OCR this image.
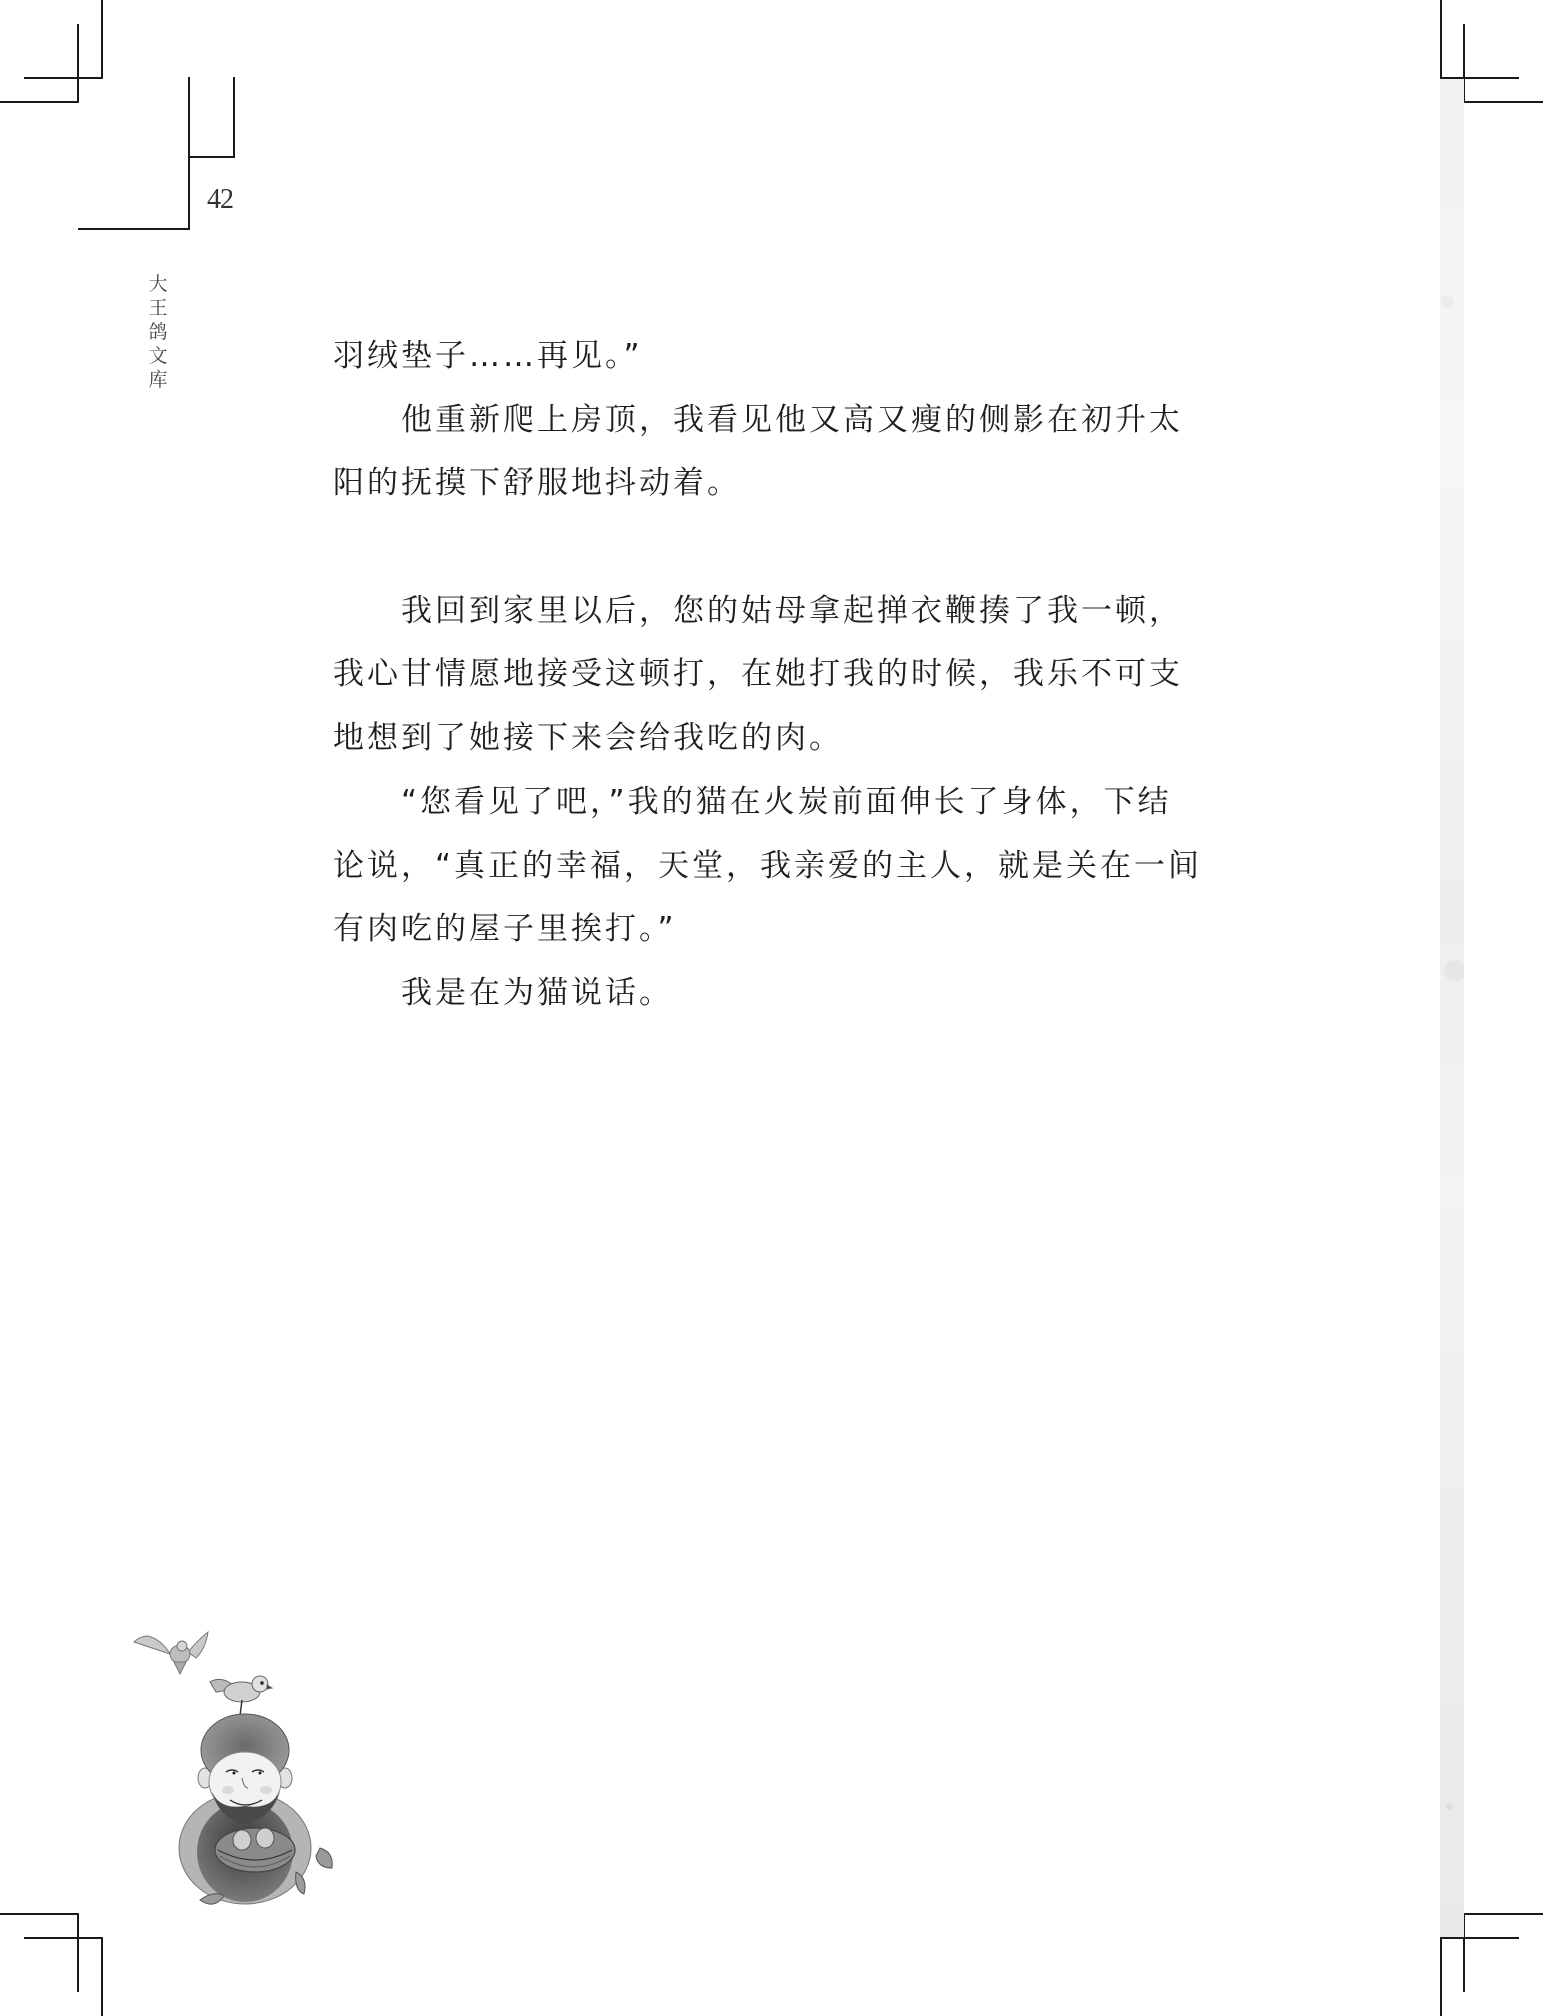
42
大
王
鸽
文
库
羽绒垫子……再见。”
他重新爬上房顶，我看见他又高又瘦的侧影在初升太
阳的抚摸下舒服地抖动着。
我回到家里以后，您的姑母拿起掸衣鞭揍了我一顿，
我心甘情愿地接受这顿打，在她打我的时候，我乐不可支
地想到了她接下来会给我吃的肉。
“您看见了吧，”我的猫在火炭前面伸长了身体，下结
论说，“真正的幸福，天堂，我亲爱的主人，就是关在一间
有肉吃的屋子里挨打。”
我是在为猫说话。
